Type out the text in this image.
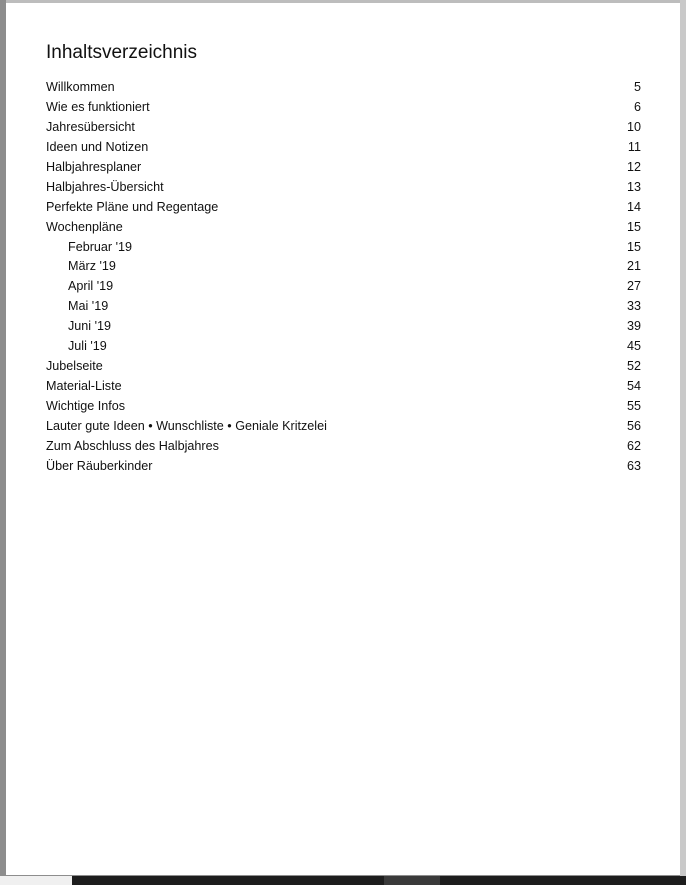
Inhaltsverzeichnis
Willkommen	5
Wie es funktioniert	6
Jahresübersicht	10
Ideen und Notizen	11
Halbjahresplaner	12
Halbjahres-Übersicht	13
Perfekte Pläne und Regentage	14
Wochenpläne	15
Februar '19	15
März '19	21
April '19	27
Mai '19	33
Juni '19	39
Juli '19	45
Jubelseite	52
Material-Liste	54
Wichtige Infos	55
Lauter gute Ideen • Wunschliste • Geniale Kritzelei	56
Zum Abschluss des Halbjahres	62
Über Räuberkinder	63
